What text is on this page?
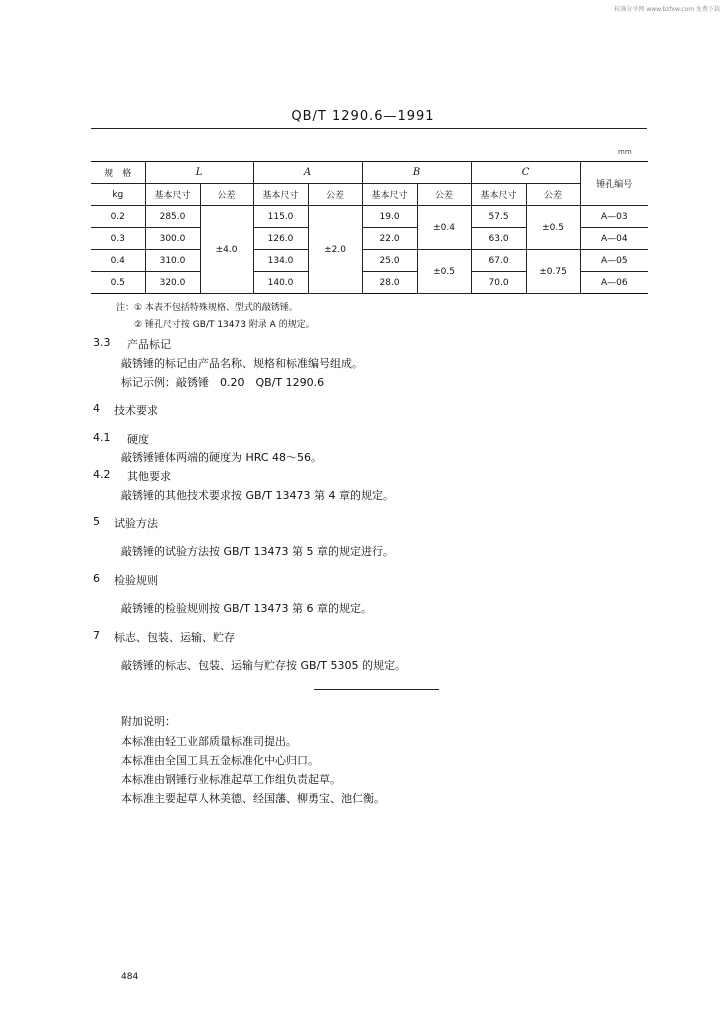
标准分享网 www.bzfxw.com 免费下载
QB/T 1290.6—1991
mm
规　格	L		A		B		C		锤孔编号
kg	基本尺寸	公差	基本尺寸	公差	基本尺寸	公差	基本尺寸	公差	
0.2	285.0	±4.0	115.0	±2.0	19.0	±0.4	57.5	±0.5	A—03
0.3	300.0		126.0		22.0		63.0		A—04
0.4	310.0		134.0		25.0	±0.5	67.0	±0.75	A—05
0.5	320.0		140.0		28.0		70.0		A—06
注：① 本表不包括特殊规格、型式的敲锈锤。
② 锤孔尺寸按 GB/T 13473 附录 A 的规定。
3.3 产品标记
敲锈锤的标记由产品名称、规格和标准编号组成。
标记示例：敲锈锤　0.20　QB/T 1290.6
4 技术要求
4.1 硬度
敲锈锤锤体两端的硬度为 HRC 48～56。
4.2 其他要求
敲锈锤的其他技术要求按 GB/T 13473 第 4 章的规定。
5 试验方法
敲锈锤的试验方法按 GB/T 13473 第 5 章的规定进行。
6 检验规则
敲锈锤的检验规则按 GB/T 13473 第 6 章的规定。
7 标志、包装、运输、贮存
敲锈锤的标志、包装、运输与贮存按 GB/T 5305 的规定。
附加说明：
本标准由轻工业部质量标准司提出。
本标准由全国工具五金标准化中心归口。
本标准由钢锤行业标准起草工作组负责起草。
本标准主要起草人林美德、经国藩、柳勇宝、池仁衡。
484
